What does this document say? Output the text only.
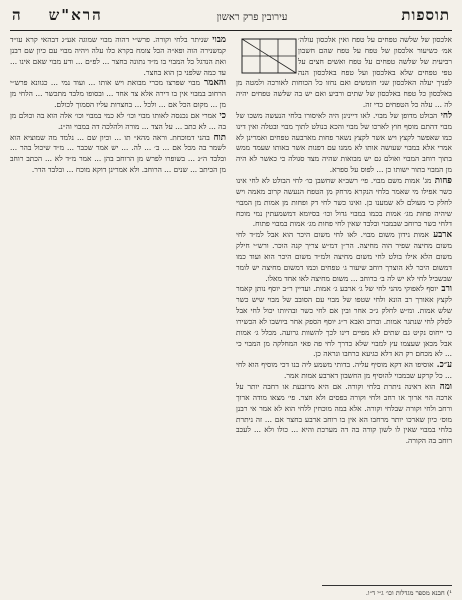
תוספות
עירובין פרק ראשון
הרא"ש
ה

אלכסון של שלשה טפחים על טפח ואין אלכסון עולה׳ אמ׳ כשיעור אלכסון של טפח על טפח שהם חשבון רביעית של שלשה טפחים על טפח ואשים חצים על טפי טפחים שלא באלכסון ועל טפח באלכסון הנה לפניך יעלה האלכסון שני חומשים ואם נחזו כל הכוחות לאורכה ולמטה מן באלכסון כל טפח באלכסון של שתים ורביע ואם יש בה שלשה טפחים יהיה לה ... עלה כל הטפחים כדי זה.

לחי הבולט מדופן של מבוי. לאו דיינינן היה לאיסורו בלחי הנעשה משכו של מבוי דהתם מוסף חוץ לארכו של מבוי והכא בנולט לתוך מבוי ובטלה ואין דינו כמו שאפשר לקצץ ויש אשר לקצץ נשאר פחות מארבעה טפחים ואמרינן לא אמרי אלא במבוי שעושה אותו לא ממנו עם דפנות אשר באותו שעמד ממש בתוך רוחב המבוי ואולם גם יש מבואות שהיה מצד סגולה כי כאשר לא היה מן המבוי בתור ישותו כן ... לפוס על ספרא.

פחות מג' אמות משם מבוי. פי׳ רשב״א שחשבן כו׳ לחי הבולט לא לחי אינו כשר אפילו מי שאמר בלחי הנקרא מרחק מן הטפח הנעשה קרוב מאמה ויש לחלק כי מעולם לא שמענו כן. ואינו כשר לחי דק ופחות מן אמות מן המבוי שיהיה פחות מג׳ אמות בכמו במבוי גדול וכו׳ בסיומא דמשמעתין נמי מוכח דלחי כשר כרוחב שבמבוי ובלבד שאין לחי פחות מג׳ אמות במבוי פתוח.

ארבע אמות נידון משום מבוי. לאו לחי משום היכר הוא אבל למ״ד לחי משום מחיצה שפיר הוה מחיצה. הר״ן דמ״ש צריך קנה הוכר. ורש״י חילק משום הלא אילו בולט לחי משום מחיצה ולמ״ד משום היכר הוא ועוד כמו דמשום היכר לא הוצרך רוחב שיעור ג׳ טפחים וכמו דמשום מחיצה יש לומר שבשביל לחי לא יש לה ב׳ ברוחב ... משום מחיצה לאו אחד מאלו.

ורב יוסף לאפוקי מהני לחי של ג׳ ארבע ג׳ אמות. ועדיין ר״ב יוסף נותן קאמר לקצץ אאורך רב הונא ולחי שטפו של מבוי עם הסובב של מבוי שיש כשר שלש אמות. ומ״ש לחלק ג״כ אחר ובין אם לחי כשר ובהיותו יכול לחי אבל לסלק לחי שנתגר אמות. וברוב ואבא ר״ג יוסף הספק אחר ביושבו לא הכשירו כי ייחוס נקיט גם שתים לא מפיים דינו לכך להשוות גרועה. מכלל ג׳ אמות אבל מכאן שעצמו עץ למבוי שלא כדרך לחי פה פאי המחלקה מן המבוי כי ... לא מכחם רק הא דלא כגיעא כרחבו ונראה כן.

ע״כ. אוסיפו הא דקא מוסיף עליה. בדותי משמע ליה בנו דכי מוסיף הוא לחי ... כל קרקע שבמבוי להוסיף מן החשבון דארבע אמות אמר.

ומה הוא דאינה ניתרת בלחי וקורה. אם היא מרובעת או רחבה יותר על ארכה הוי ארוך או רחב ולחי וקורה בפסים ולא חצר. פי׳ מצאו מודה ארוך ורחב ולחי וקורה שבלחי וקורה. אלא במה מוכחין ללחי הוא לא אמר אי רבנן מוס׳ כיון שארכו יותר מרחבו הא אין בו רוחב ארבע בחצר אם ... זה ניתרת בלחי במבוי שאין לו לשון קורה בה דה מערכת והיא ... כולו ולא ... לעכב רוחב בה הקורה.

מבוי שניתר בלחי וקורה. פרש״י דהוה מבוי שמוגה אע״ג דבהאי קרא עו״ד קמשנירה הוה ופא״ה הכל צומח בקרא כלו עלה ויהיה מבוי עם כיון שם רבנן ואת הנדגל כל המבוי בו מ״ד נתונה בחצר ... לפ״ם ... ודע מבוי שאם אינו ... עד כמה שלפני כן הוא בחצר.

והאמר מבוי שפרצו מכרי מבואת ויש אותו ... ועוד נמי ... כגוונא פרש״י הרחוב במבוי אין בו דירה אלא צד אחד ... ובסופו מלבד מתכשר ... הלחי מן מן ... מקום הכל אם ... ולכל ... בחצרות עליו הסמוך לכולם.

כי אמרי אם נכנסה לאותו מבוי וכו׳ לא כמי במבוי וכו׳ אלה הוא בה וכולם מן בה ... לא כתב ... על הצד ... מורה ולהלכה דה במבוי וה״נ.

תוח בהני דמוכחת. וראה מהא״ תו ... וכיון שם ... נלמד מה שמוציא הוא לשמר בה מכל אם ... ב׳ ... לה. ... יש אמר שכבר ... מ״ד שיכול בהר ... ובלבד ה״נ ... בשופרו לפרש מן הרוחב בהן ... אמר מ״ד לא ... הכתב רוחב מן הכיתב ... שנים ... הרוחב. ולא אמרינן דוקא מוכח ... ובלבד הדר.

¹) חבנא מספר מגדלות וכו׳ ג״י ד״ו.
